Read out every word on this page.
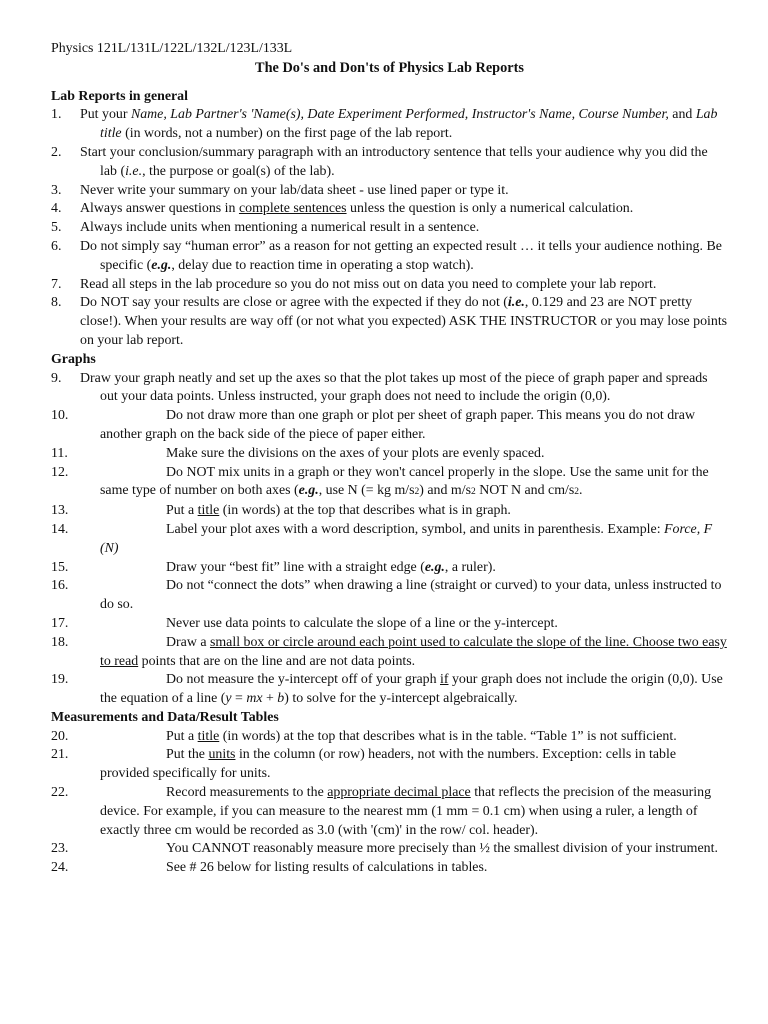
Physics 121L/131L/122L/132L/123L/133L

The Do's and Don'ts of Physics Lab Reports

Lab Reports in general

1.	Put your Name, Lab Partner's 'Name(s), Date Experiment Performed, Instructor's Name, Course Number, and Lab title (in words, not a number) on the first page of the lab report.
2.	Start your conclusion/summary paragraph with an introductory sentence that tells your audience why you did the lab (i.e., the purpose or goal(s) of the lab).
3.	Never write your summary on your lab/data sheet - use lined paper or type it.
4.	Always answer questions in complete sentences unless the question is only a numerical calculation.
5.	Always include units when mentioning a numerical result in a sentence.
6.	Do not simply say “human error” as a reason for not getting an expected result … it tells your audience nothing. Be specific (e.g., delay due to reaction time in operating a stop watch).
7.	Read all steps in the lab procedure so you do not miss out on data you need to complete your lab report.
8.	Do NOT say your results are close or agree with the expected if they do not (i.e., 0.129 and 23 are NOT pretty close!). When your results are way off (or not what you expected) ASK THE INSTRUCTOR or you may lose points on your lab report.

Graphs

9.	Draw your graph neatly and set up the axes so that the plot takes up most of the piece of graph paper and spreads out your data points. Unless instructed, your graph does not need to include the origin (0,0).

10.	Do not draw more than one graph or plot per sheet of graph paper. This means you do not draw another graph on the back side of the piece of paper either.

11.	Make sure the divisions on the axes of your plots are evenly spaced.

12.	Do NOT mix units in a graph or they won't cancel properly in the slope. Use the same unit for the same type of number on both axes (e.g., use N (= kg m/s2) and m/s2 NOT N and cm/s2.

13.	Put a title (in words) at the top that describes what is in graph.

14.	Label your plot axes with a word description, symbol, and units in parenthesis. Example: Force, F (N)

15.	Draw your “best fit” line with a straight edge (e.g., a ruler).

16.	Do not “connect the dots” when drawing a line (straight or curved) to your data, unless instructed to do so.

17.	Never use data points to calculate the slope of a line or the y-intercept.

18.	Draw a small box or circle around each point used to calculate the slope of the line. Choose two easy to read points that are on the line and are not data points.

19.	Do not measure the y-intercept off of your graph if your graph does not include the origin (0,0). Use the equation of a line (y = mx + b) to solve for the y-intercept algebraically.

Measurements and Data/Result Tables

20.	Put a title (in words) at the top that describes what is in the table. “Table 1” is not sufficient.

21.	Put the units in the column (or row) headers, not with the numbers. Exception: cells in table provided specifically for units.

22.	Record measurements to the appropriate decimal place that reflects the precision of the measuring device. For example, if you can measure to the nearest mm (1 mm = 0.1 cm) when using a ruler, a length of exactly three cm would be recorded as 3.0 (with '(cm)' in the row/ col. header).

23.	You CANNOT reasonably measure more precisely than ½ the smallest division of your instrument.

24.	See # 26 below for listing results of calculations in tables.
